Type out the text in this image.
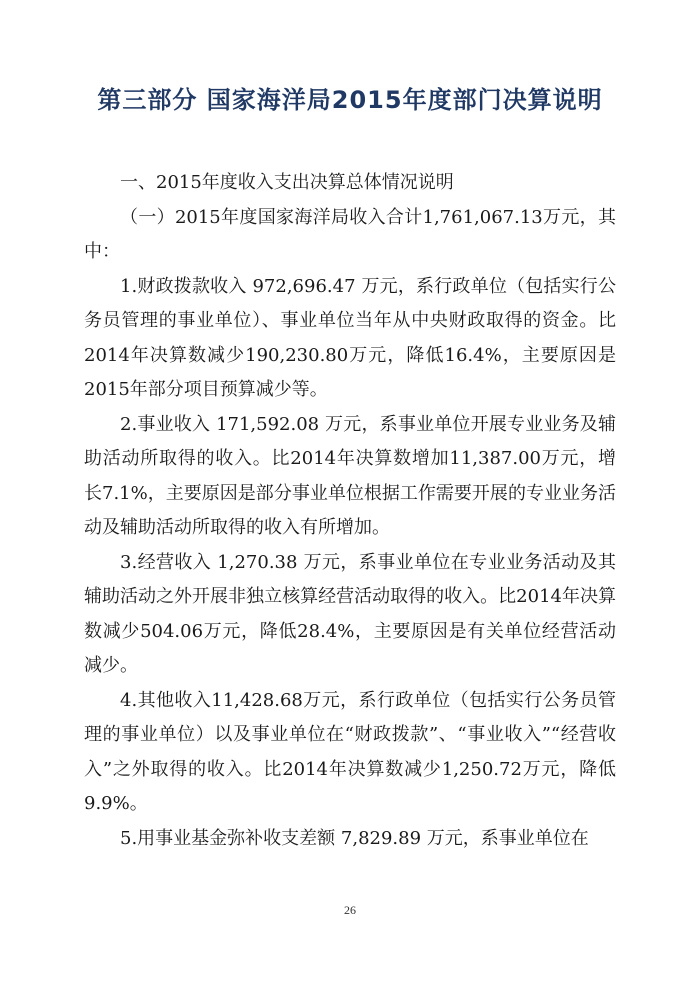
第三部分 国家海洋局2015年度部门决算说明

一、2015年度收入支出决算总体情况说明

（一）2015年度国家海洋局收入合计1,761,067.13万元，其中：

1.财政拨款收入 972,696.47 万元，系行政单位（包括实行公务员管理的事业单位）、事业单位当年从中央财政取得的资金。比2014年决算数减少190,230.80万元，降低16.4%，主要原因是2015年部分项目预算减少等。

2.事业收入 171,592.08 万元，系事业单位开展专业业务及辅助活动所取得的收入。比2014年决算数增加11,387.00万元，增长7.1%，主要原因是部分事业单位根据工作需要开展的专业业务活动及辅助活动所取得的收入有所增加。

3.经营收入 1,270.38 万元，系事业单位在专业业务活动及其辅助活动之外开展非独立核算经营活动取得的收入。比2014年决算数减少504.06万元，降低28.4%，主要原因是有关单位经营活动减少。

4.其他收入11,428.68万元，系行政单位（包括实行公务员管理的事业单位）以及事业单位在“财政拨款”、“事业收入”“经营收入”之外取得的收入。比2014年决算数减少1,250.72万元，降低9.9%。

5.用事业基金弥补收支差额 7,829.89 万元，系事业单位在

26
